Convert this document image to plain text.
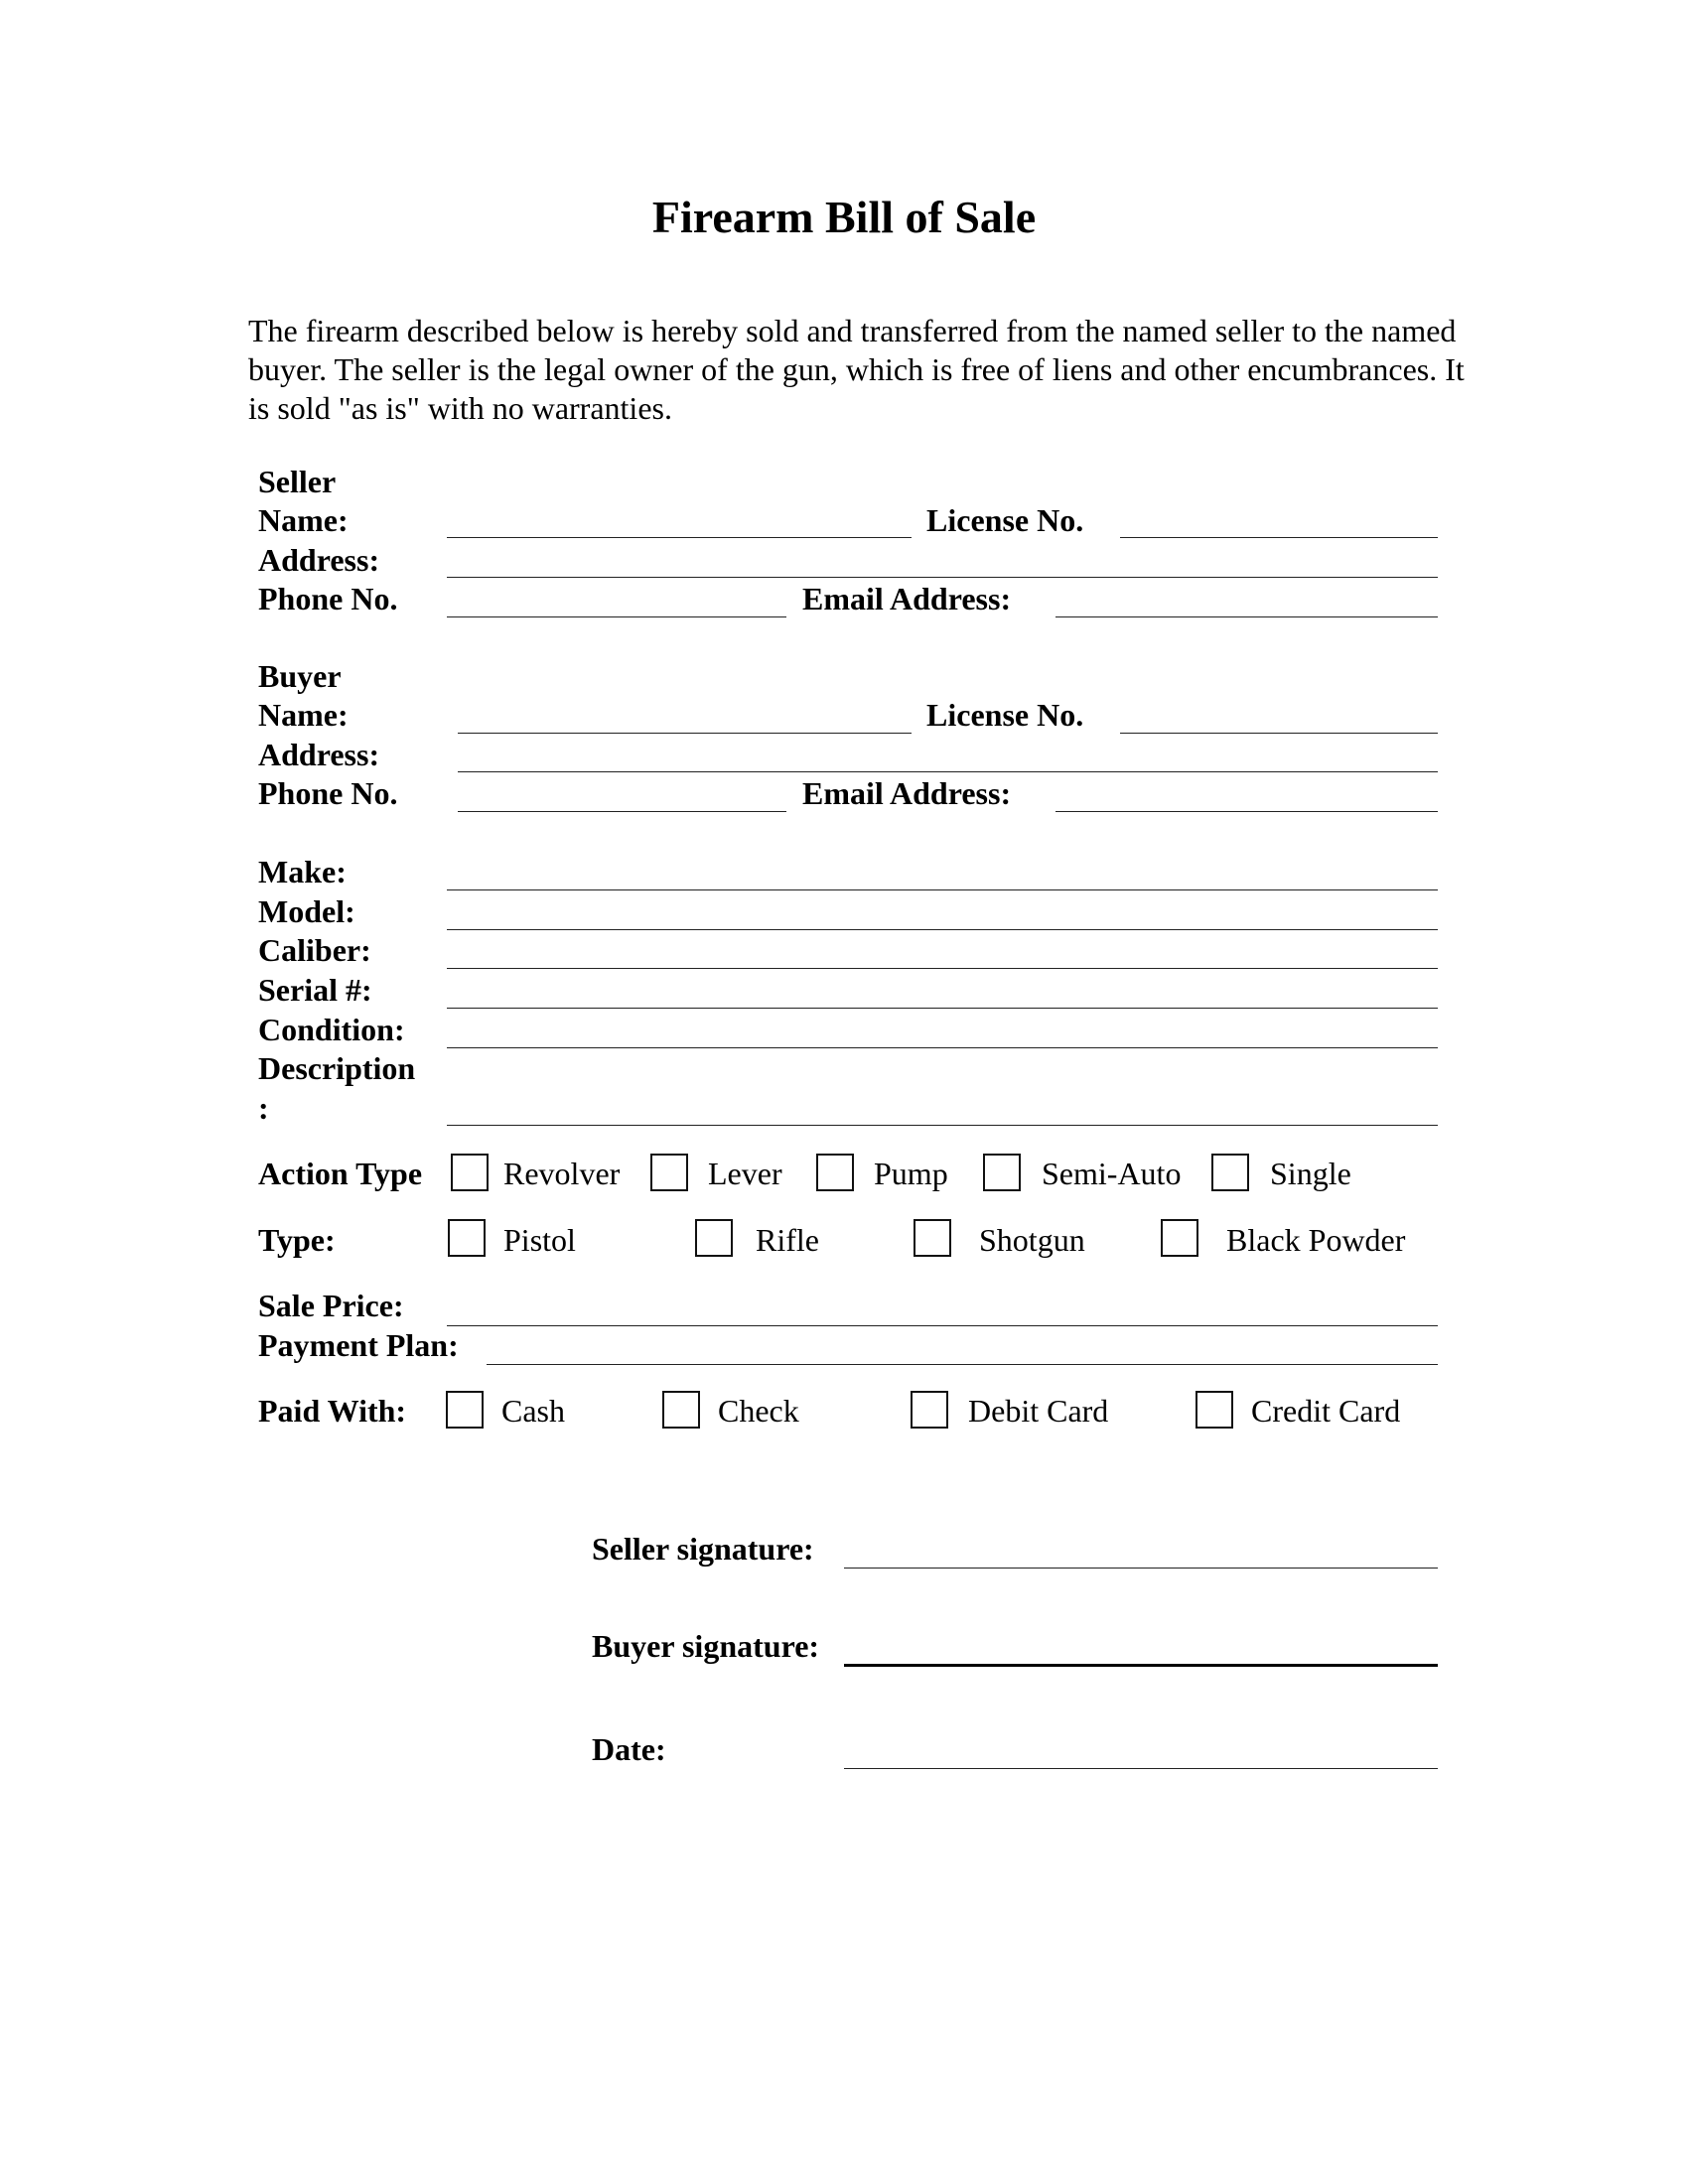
Firearm Bill of Sale
The firearm described below is hereby sold and transferred from the named seller to the named buyer. The seller is the legal owner of the gun, which is free of liens and other encumbrances. It is sold "as is" with no warranties.
Seller
Name:	License No.
Address:
Phone No.	Email Address:
Buyer
Name:	License No.
Address:
Phone No.	Email Address:
Make:
Model:
Caliber:
Serial #:
Condition:
Description
:
Action Type	Revolver	Lever	Pump	Semi-Auto	Single
Type:	Pistol	Rifle	Shotgun	Black Powder
Sale Price:
Payment Plan:
Paid With:	Cash	Check	Debit Card	Credit Card
Seller signature:
Buyer signature:
Date:
